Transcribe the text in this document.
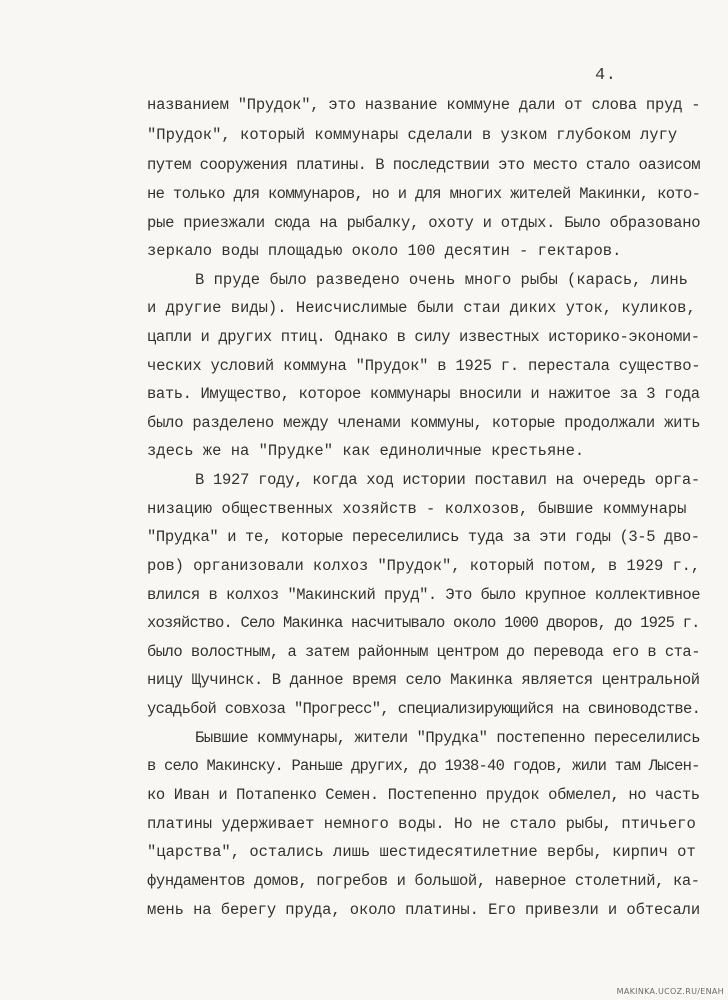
4.
названием "Прудок", это название коммуне дали от слова пруд -
"Прудок", который коммунары сделали в узком глубоком лугу
путем сооружения платины. В последствии это место стало оазисом
не только для коммунаров, но и для многих жителей Макинки, кото-
рые приезжали сюда на рыбалку, охоту и отдых. Было образовано
зеркало воды площадью около 100 десятин - гектаров.
В пруде было разведено очень много рыбы (карась, линь
и другие виды). Неисчислимые были стаи диких уток, куликов,
цапли и других птиц. Однако в силу известных историко-экономи-
ческих условий коммуна "Прудок" в 1925 г. перестала существо-
вать. Имущество, которое коммунары вносили и нажитое за 3 года
было разделено между членами коммуны, которые продолжали жить
здесь же на "Прудке" как единоличные крестьяне.
В 1927 году, когда ход истории поставил на очередь орга-
низацию общественных хозяйств - колхозов, бывшие коммунары
"Прудка" и те, которые переселились туда за эти годы (3-5 дво-
ров) организовали колхоз "Прудок", который потом, в 1929 г.,
влился в колхоз "Макинский пруд". Это было крупное коллективное
хозяйство. Село Макинка насчитывало около 1000 дворов, до 1925 г.
было волостным, а затем районным центром до перевода его в ста-
ницу Щучинск. В данное время село Макинка является центральной
усадьбой совхоза "Прогресс", специализирующийся на свиноводстве.
Бывшие коммунары, жители "Прудка" постепенно переселились
в село Макинску. Раньше других, до 1938-40 годов, жили там Лысен-
ко Иван и Потапенко Семен. Постепенно прудок обмелел, но часть
платины удерживает немного воды. Но не стало рыбы, птичьего
"царства", остались лишь шестидесятилетние вербы, кирпич от
фундаментов домов, погребов и большой, наверное столетний, ка-
мень на берегу пруда, около платины. Его привезли и обтесали
MAKINKA.UCOZ.RU/ENAH
